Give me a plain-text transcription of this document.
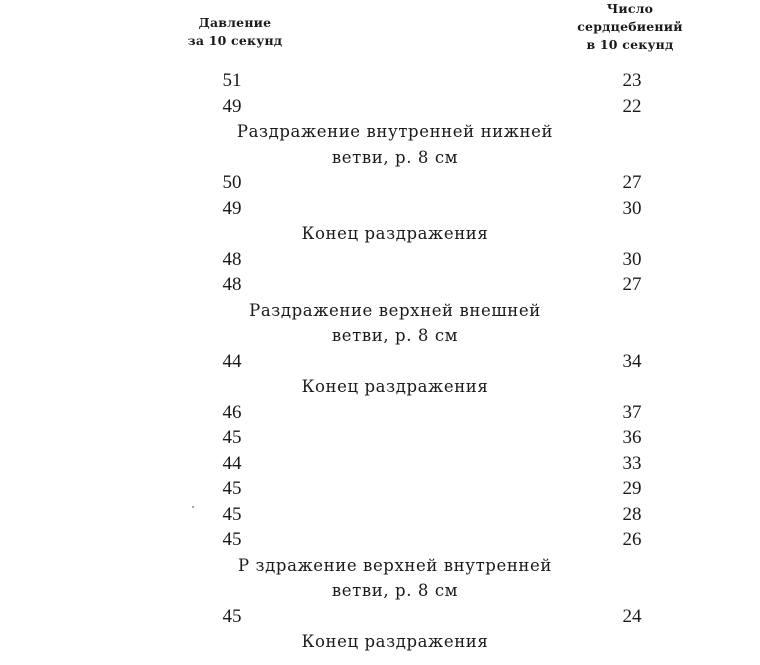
Давление
за 10 секунд
Число
сердцебиений
в 10 секунд
51	23
49	22
Раздражение внутренней нижней
ветви, р. 8 см
50	27
49	30
Конец раздражения
48	30
48	27
Раздражение верхней внешней
ветви, р. 8 см
44	34
Конец раздражения
46	37
45	36
44	33
45	29
45	28
45	26
Р здражение верхней внутренней
ветви, р. 8 см
45	24
Конец раздражения
